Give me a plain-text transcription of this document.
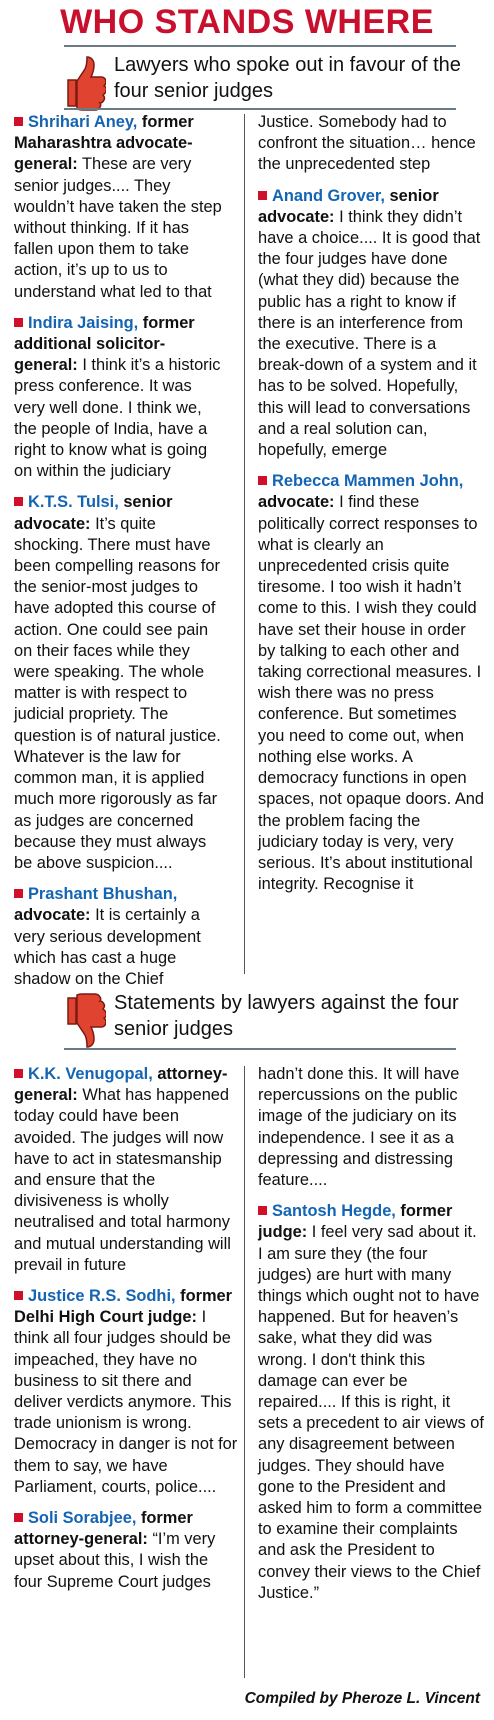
WHO STANDS WHERE
Lawyers who spoke out in favour of the four senior judges

Shrihari Aney, former Maharashtra advocate-general: These are very senior judges.... They wouldn’t have taken the step without thinking. If it has fallen upon them to take action, it’s up to us to understand what led to that

Indira Jaising, former additional solicitor-general: I think it’s a historic press conference. It was very well done. I think we, the people of India, have a right to know what is going on within the judiciary

K.T.S. Tulsi, senior advocate: It’s quite shocking. There must have been compelling reasons for the senior-most judges to have adopted this course of action. One could see pain on their faces while they were speaking. The whole matter is with respect to judicial propriety. The question is of natural justice. Whatever is the law for common man, it is applied much more rigorously as far as judges are concerned because they must always be above suspicion....

Prashant Bhushan, advocate: It is certainly a very serious development which has cast a huge shadow on the Chief

Justice. Somebody had to confront the situation… hence the unprecedented step

Anand Grover, senior advocate: I think they didn’t have a choice.... It is good that the four judges have done (what they did) because the public has a right to know if there is an interference from the executive. There is a break-down of a system and it has to be solved. Hopefully, this will lead to conversations and a real solution can, hopefully, emerge

Rebecca Mammen John, advocate: I find these politically correct responses to what is clearly an unprecedented crisis quite tiresome. I too wish it hadn’t come to this. I wish they could have set their house in order by talking to each other and taking correctional measures. I wish there was no press conference. But sometimes you need to come out, when nothing else works. A democracy functions in open spaces, not opaque doors. And the problem facing the judiciary today is very, very serious. It’s about institutional integrity. Recognise it

Statements by lawyers against the four senior judges

K.K. Venugopal, attorney-general: What has happened today could have been avoided. The judges will now have to act in statesmanship and ensure that the divisiveness is wholly neutralised and total harmony and mutual understanding will prevail in future

Justice R.S. Sodhi, former Delhi High Court judge: I think all four judges should be impeached, they have no business to sit there and deliver verdicts anymore. This trade unionism is wrong. Democracy in danger is not for them to say, we have Parliament, courts, police....

Soli Sorabjee, former attorney-general: “I’m very upset about this, I wish the four Supreme Court judges

hadn’t done this. It will have repercussions on the public image of the judiciary on its independence. I see it as a depressing and distressing feature....

Santosh Hegde, former judge: I feel very sad about it. I am sure they (the four judges) are hurt with many things which ought not to have happened. But for heaven’s sake, what they did was wrong. I don't think this damage can ever be repaired.... If this is right, it sets a precedent to air views of any disagreement between judges. They should have gone to the President and asked him to form a committee to examine their complaints and ask the President to convey their views to the Chief Justice.”

Compiled by Pheroze L. Vincent
